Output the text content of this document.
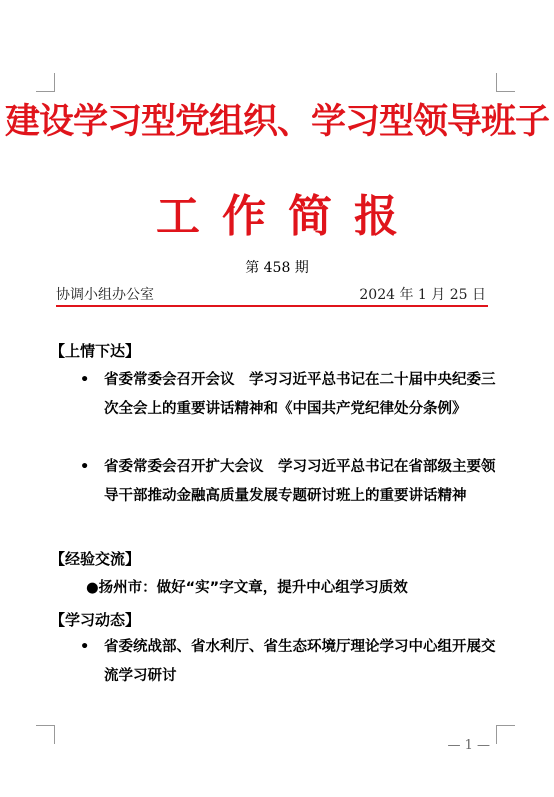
建设学习型党组织、学习型领导班子
工作简报
第 458 期
协调小组办公室	2024 年 1 月 25 日
【上情下达】
•	省委常委会召开会议　学习习近平总书记在二十届中央纪委三次全会上的重要讲话精神和《中国共产党纪律处分条例》
•	省委常委会召开扩大会议　学习习近平总书记在省部级主要领导干部推动金融高质量发展专题研讨班上的重要讲话精神
【经验交流】
●扬州市：做好“实”字文章，提升中心组学习质效
【学习动态】
•	省委统战部、省水利厅、省生态环境厅理论学习中心组开展交流学习研讨
— 1 —
